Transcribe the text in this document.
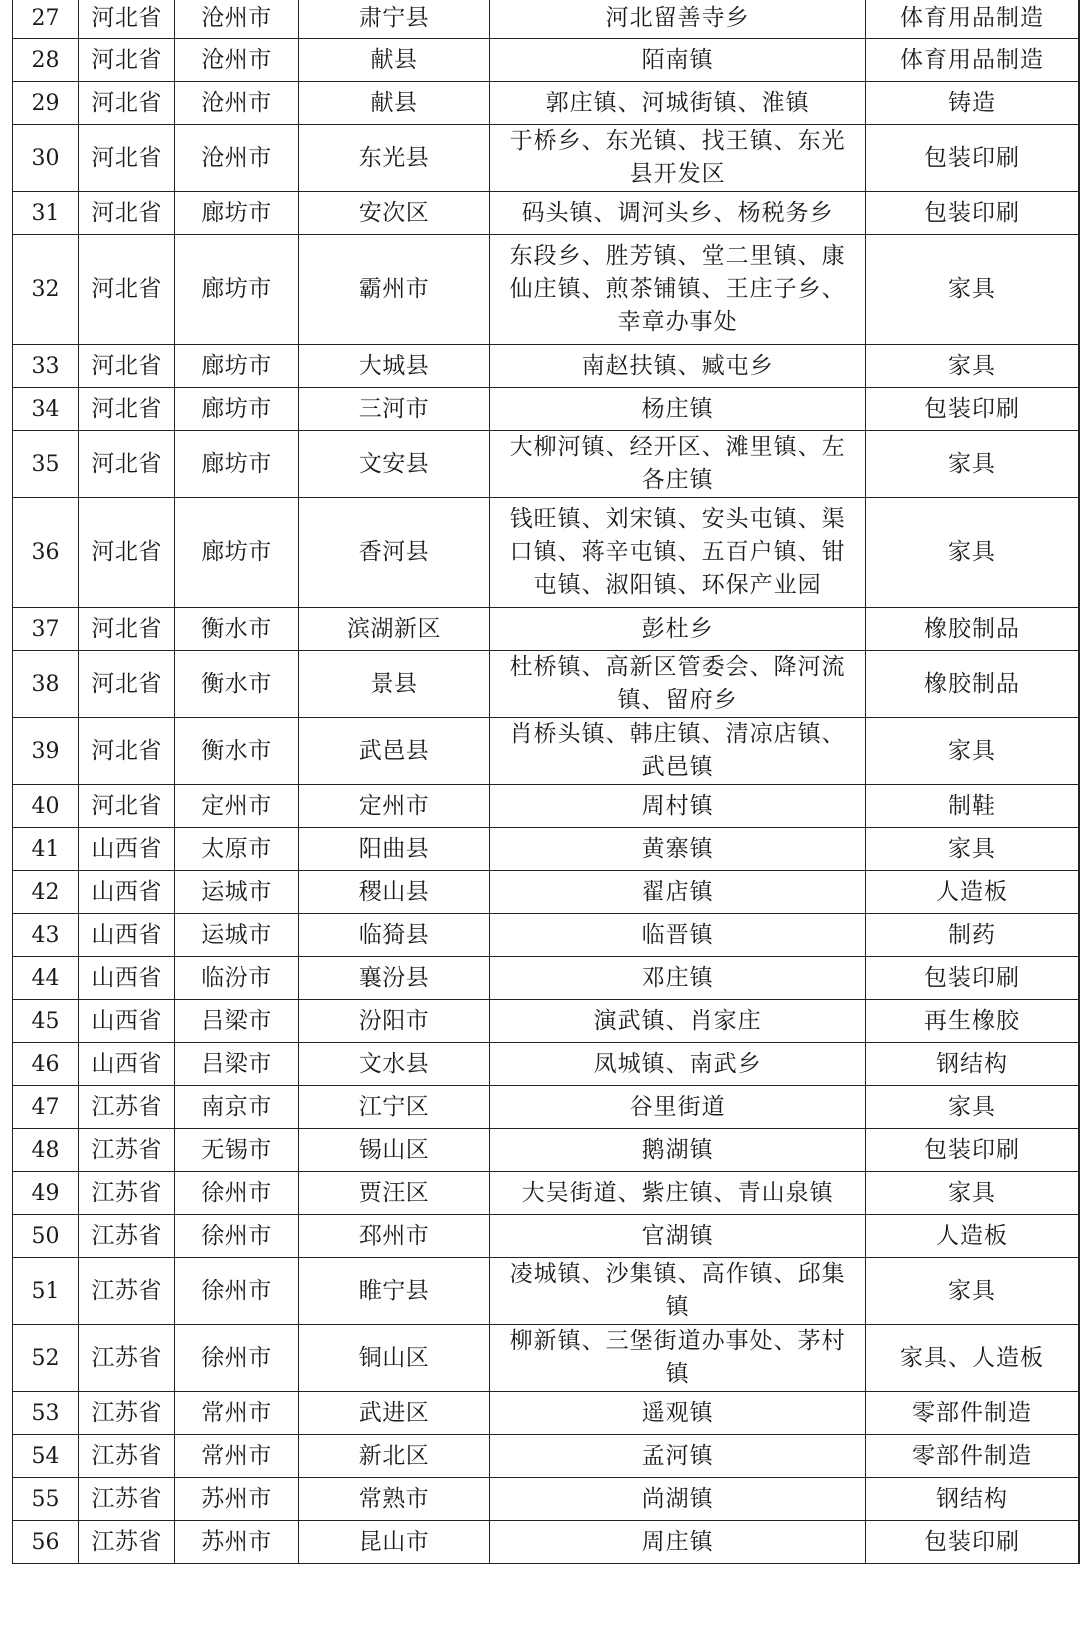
27	河北省	沧州市	肃宁县	河北留善寺乡	体育用品制造
28	河北省	沧州市	献县	陌南镇	体育用品制造
29	河北省	沧州市	献县	郭庄镇、河城街镇、淮镇	铸造
30	河北省	沧州市	东光县	于桥乡、东光镇、找王镇、东光县开发区	包装印刷
31	河北省	廊坊市	安次区	码头镇、调河头乡、杨税务乡	包装印刷
32	河北省	廊坊市	霸州市	东段乡、胜芳镇、堂二里镇、康仙庄镇、煎茶铺镇、王庄子乡、幸章办事处	家具
33	河北省	廊坊市	大城县	南赵扶镇、臧屯乡	家具
34	河北省	廊坊市	三河市	杨庄镇	包装印刷
35	河北省	廊坊市	文安县	大柳河镇、经开区、滩里镇、左各庄镇	家具
36	河北省	廊坊市	香河县	钱旺镇、刘宋镇、安头屯镇、渠口镇、蒋辛屯镇、五百户镇、钳屯镇、淑阳镇、环保产业园	家具
37	河北省	衡水市	滨湖新区	彭杜乡	橡胶制品
38	河北省	衡水市	景县	杜桥镇、高新区管委会、降河流镇、留府乡	橡胶制品
39	河北省	衡水市	武邑县	肖桥头镇、韩庄镇、清凉店镇、武邑镇	家具
40	河北省	定州市	定州市	周村镇	制鞋
41	山西省	太原市	阳曲县	黄寨镇	家具
42	山西省	运城市	稷山县	翟店镇	人造板
43	山西省	运城市	临猗县	临晋镇	制药
44	山西省	临汾市	襄汾县	邓庄镇	包装印刷
45	山西省	吕梁市	汾阳市	演武镇、肖家庄	再生橡胶
46	山西省	吕梁市	文水县	凤城镇、南武乡	钢结构
47	江苏省	南京市	江宁区	谷里街道	家具
48	江苏省	无锡市	锡山区	鹅湖镇	包装印刷
49	江苏省	徐州市	贾汪区	大吴街道、紫庄镇、青山泉镇	家具
50	江苏省	徐州市	邳州市	官湖镇	人造板
51	江苏省	徐州市	睢宁县	凌城镇、沙集镇、高作镇、邱集镇	家具
52	江苏省	徐州市	铜山区	柳新镇、三堡街道办事处、茅村镇	家具、人造板
53	江苏省	常州市	武进区	遥观镇	零部件制造
54	江苏省	常州市	新北区	孟河镇	零部件制造
55	江苏省	苏州市	常熟市	尚湖镇	钢结构
56	江苏省	苏州市	昆山市	周庄镇	包装印刷
